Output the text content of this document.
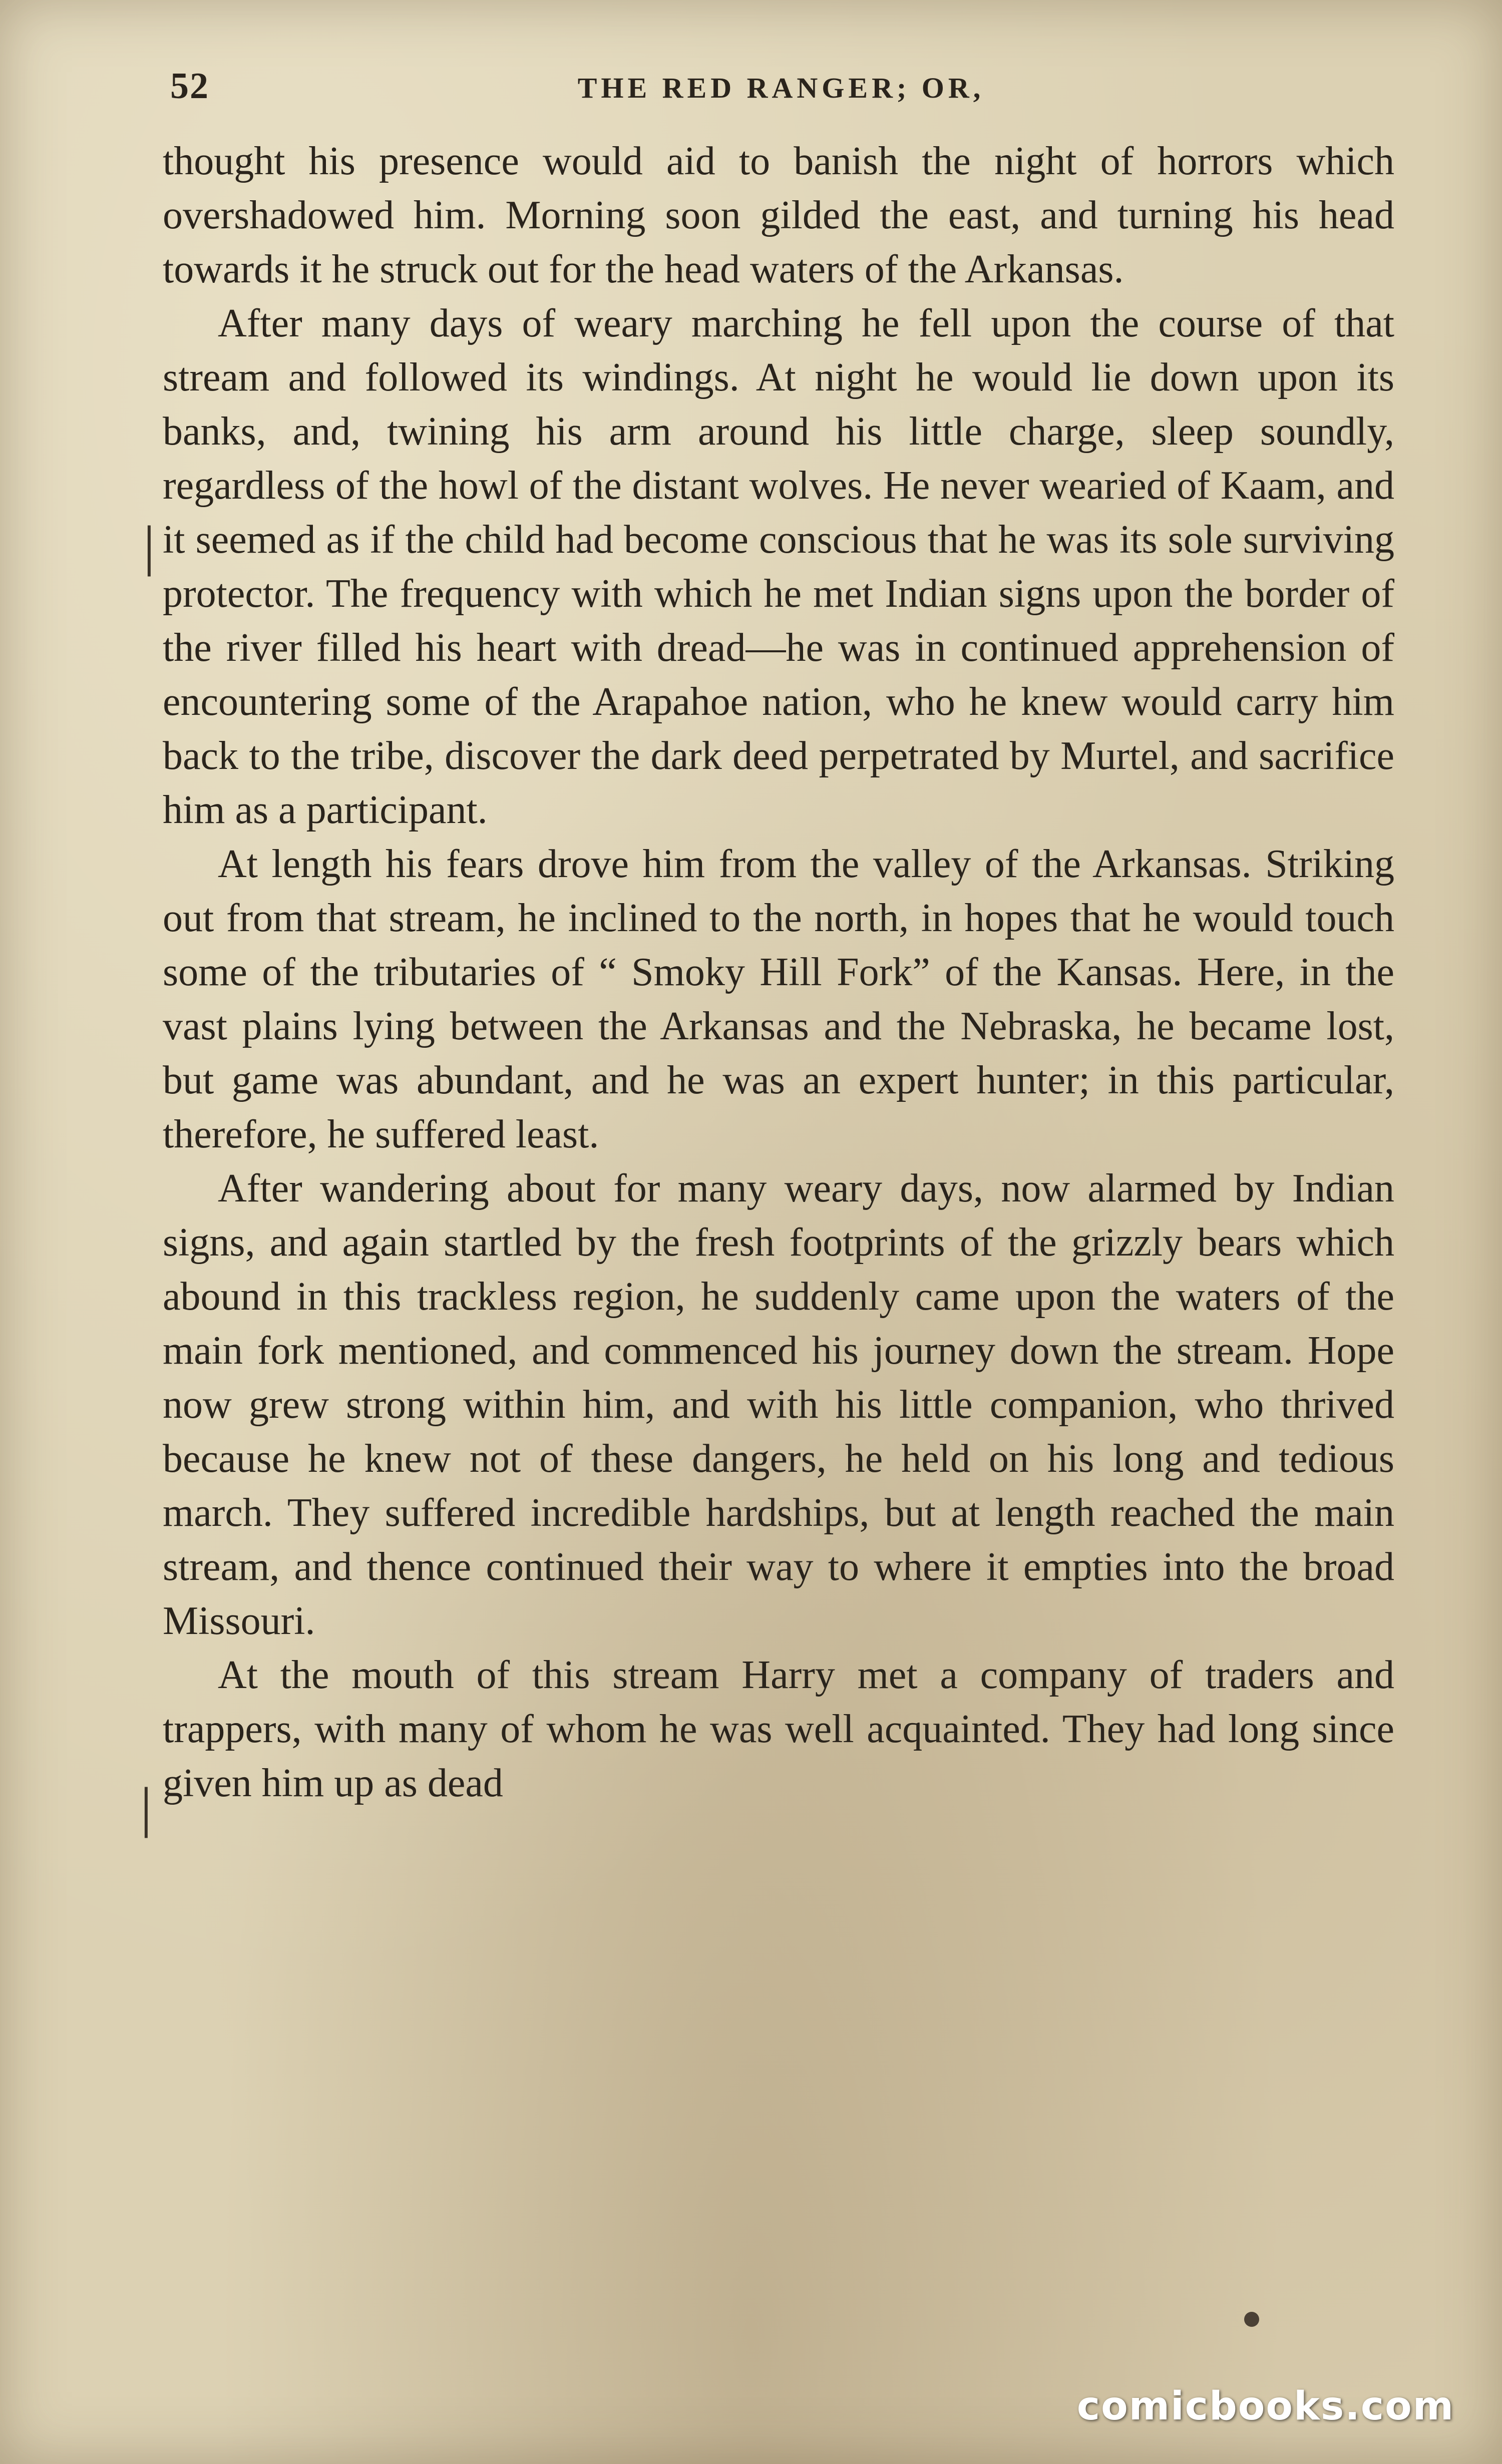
52	THE RED RANGER; OR,

thought his presence would aid to banish the night of horrors which overshadowed him. Morning soon gilded the east, and turning his head towards it he struck out for the head waters of the Arkansas.

After many days of weary marching he fell upon the course of that stream and followed its windings. At night he would lie down upon its banks, and, twining his arm around his little charge, sleep soundly, regardless of the howl of the distant wolves. He never wearied of Kaam, and it seemed as if the child had become conscious that he was its sole surviving protector. The frequency with which he met Indian signs upon the border of the river filled his heart with dread—he was in continued apprehension of encountering some of the Arapahoe nation, who he knew would carry him back to the tribe, discover the dark deed perpetrated by Murtel, and sacrifice him as a participant.

At length his fears drove him from the valley of the Arkansas. Striking out from that stream, he inclined to the north, in hopes that he would touch some of the tributaries of “ Smoky Hill Fork” of the Kansas. Here, in the vast plains lying between the Arkansas and the Nebraska, he became lost, but game was abundant, and he was an expert hunter; in this particular, therefore, he suffered least.

After wandering about for many weary days, now alarmed by Indian signs, and again startled by the fresh footprints of the grizzly bears which abound in this trackless region, he suddenly came upon the waters of the main fork mentioned, and commenced his journey down the stream. Hope now grew strong within him, and with his little companion, who thrived because he knew not of these dangers, he held on his long and tedious march. They suffered incredible hardships, but at length reached the main stream, and thence continued their way to where it empties into the broad Missouri.

At the mouth of this stream Harry met a company of traders and trappers, with many of whom he was well acquainted. They had long since given him up as dead

│
│
comicbooks.com
